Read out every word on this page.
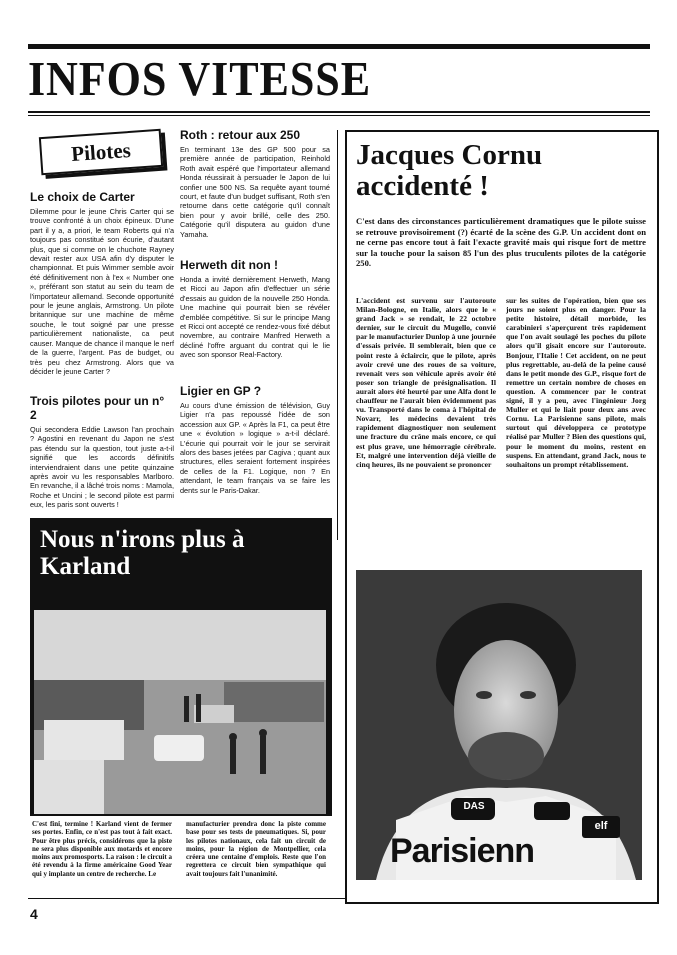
INFOS VITESSE
Pilotes
Le choix de Carter

Dilemme pour le jeune Chris Carter qui se trouve confronté à un choix épineux. D'une part il y a, a priori, le team Roberts qui n'a toujours pas constitué son écurie, d'autant plus, que si comme on le chuchote Rayney devait rester aux USA afin d'y disputer le championnat. Et puis Wimmer semble avoir été définitivement non à l'ex « Number one », préférant son statut au sein du team de l'importateur allemand. Seconde opportunité pour le jeune anglais, Armstrong. Un pilote britannique sur une machine de même souche, le tout soigné par une presse particulièrement nationaliste, ca peut causer. Manque de chance il manque le nerf de la guerre, l'argent. Pas de budget, ou très peu chez Armstrong. Alors que va décider le jeune Carter ?

Trois pilotes pour un n° 2

Qui secondera Eddie Lawson l'an prochain ? Agostini en revenant du Japon ne s'est pas étendu sur la question, tout juste a-t-il signifié que les accords définitifs interviendraient dans une petite quinzaine après avoir vu les responsables Marlboro. En revanche, il a lâché trois noms : Mamola, Roche et Uncini ; le second pilote est parmi eux, les paris sont ouverts !

Roth : retour aux 250

En terminant 13e des GP 500 pour sa première année de participation, Reinhold Roth avait espéré que l'importateur allemand Honda réussirait à persuader le Japon de lui confier une 500 NS. Sa requête ayant tourné court, et faute d'un budget suffisant, Roth s'en retourne dans cette catégorie qu'il connaît bien pour y avoir brillé, celle des 250. Catégorie qu'il disputera au guidon d'une Yamaha.

Herweth dit non !

Honda a invité dernièrement Herweth, Mang et Ricci au Japon afin d'effectuer un série d'essais au guidon de la nouvelle 250 Honda. Une machine qui pourrait bien se révéler d'emblée compétitive. Si sur le principe Mang et Ricci ont accepté ce rendez-vous fixé début novembre, au contraire Manfred Herweth a décliné l'offre arguant du contrat qui le lie avec son sponsor Real-Factory.

Ligier en GP ?

Au cours d'une émission de télévision, Guy Ligier n'a pas repoussé l'idée de son accession aux GP. « Après la F1, ca peut être une « évolution » logique » a-t-il déclaré. L'écurie qui pourrait voir le jour se servirait alors des bases jetées par Cagiva ; quant aux structures, elles seraient fortement inspirées de celles de la F1. Logique, non ? En attendant, le team français va se faire les dents sur le Paris-Dakar.

Jacques Cornu accidenté !
C'est dans des circonstances particulièrement dramatiques que le pilote suisse se retrouve provisoirement (?) écarté de la scène des G.P. Un accident dont on ne cerne pas encore tout à fait l'exacte gravité mais qui risque fort de mettre sur la touche pour la saison 85 l'un des plus truculents pilotes de la catégorie 250.

L'accident est survenu sur l'autoroute Milan-Bologne, en Italie, alors que le « grand Jack » se rendait, le 22 octobre dernier, sur le circuit du Mugello, convié par le manufacturier Dunlop à une journée d'essais privée. Il semblerait, bien que ce point reste à éclaircir, que le pilote, après avoir crevé une des roues de sa voiture, revenait vers son véhicule après avoir été poser son triangle de présignalisation. Il aurait alors été heurté par une Alfa dont le chauffeur ne l'aurait bien évidemment pas vu. Transporté dans le coma à l'hôpital de Novarr, les médecins devaient très rapidement diagnostiquer non seulement une fracture du crâne mais encore, ce qui est plus grave, une hémorragie cérébrale. Et, malgré une intervention déjà vieille de cinq heures, ils ne pouvaient se prononcer

sur les suites de l'opération, bien que ses jours ne soient plus en danger. Pour la petite histoire, détail morbide, les carabinieri s'aperçurent très rapidement que l'on avait soulagé les poches du pilote alors qu'il gisait encore sur l'autoroute. Bonjour, l'Italie ! Cet accident, on ne peut plus regrettable, au-delà de la peine causé dans le petit monde des G.P., risque fort de remettre un certain nombre de choses en question. A commencer par le contrat signé, il y a peu, avec l'ingénieur Jorg Muller et qui le liait pour deux ans avec Cornu. La Parisienne sans pilote, mais surtout qui développera ce prototype réalisé par Muller ? Bien des questions qui, pour le moment du moins, restent en suspens. En attendant, grand Jack, nous te souhaitons un prompt rétablissement.

DAS
elf
Parisienn
Nous n'irons plus à Karland

C'est fini, termine ! Karland vient de fermer ses portes. Enfin, ce n'est pas tout à fait exact. Pour être plus précis, considérons que la piste ne sera plus disponible aux motards et encore moins aux promosports. La raison : le circuit a été revendu à la firme américaine Good Year qui y implante un centre de recherche. Le

manufacturier prendra donc la piste comme base pour ses tests de pneumatiques. Si, pour les pilotes nationaux, cela fait un circuit de moins, pour la région de Montpellier, cela créera une centaine d'emplois. Reste que l'on regrettera ce circuit bien sympathique qui avait toujours fait l'unanimité.

4
